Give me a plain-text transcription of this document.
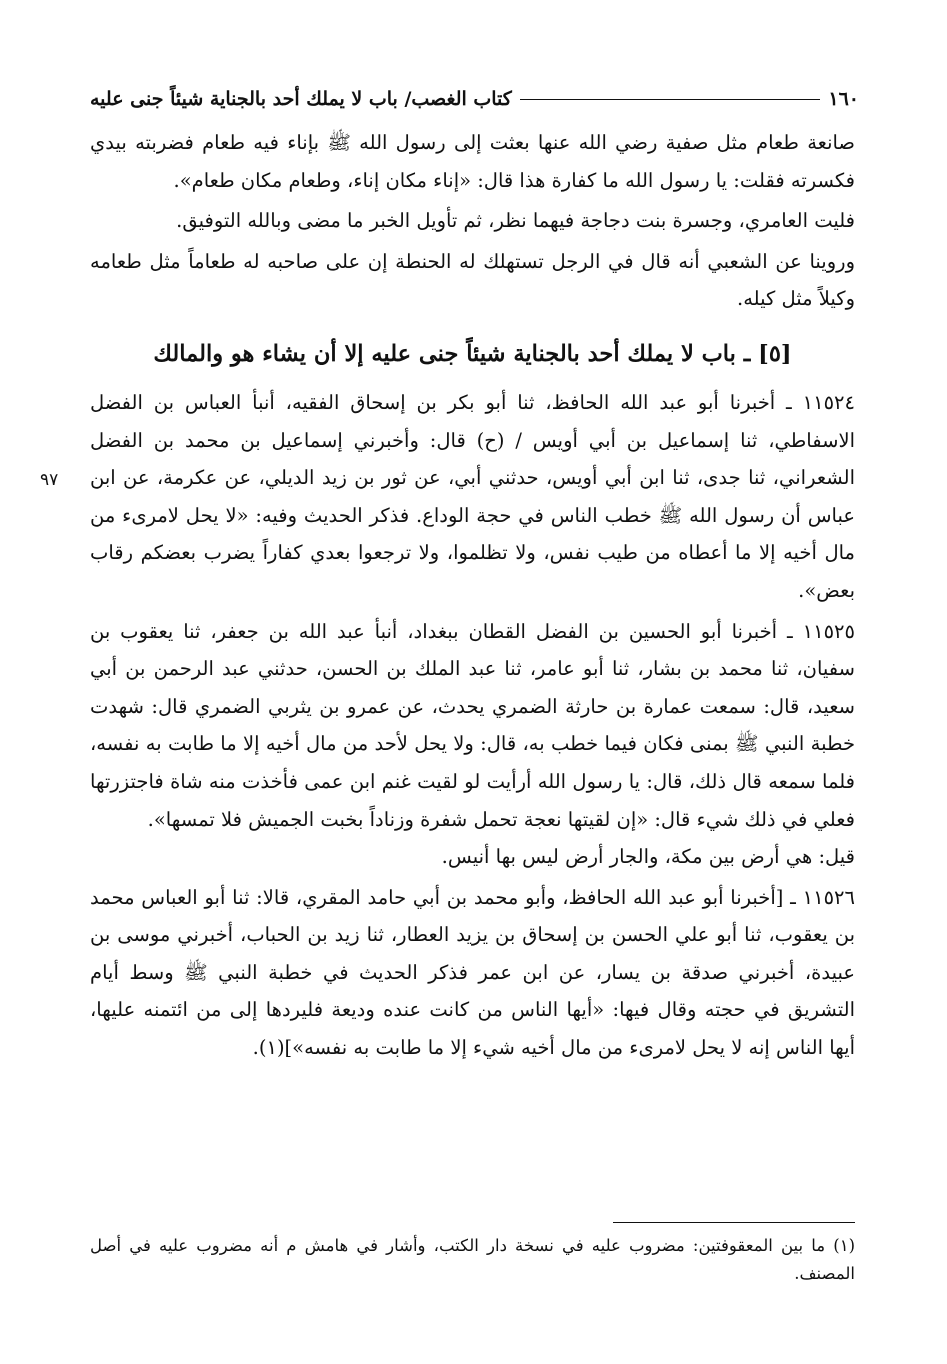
١٦٠
كتاب الغصب/ باب لا يملك أحد بالجناية شيئاً جنى عليه

صانعة طعام مثل صفية رضي الله عنها بعثت إلى رسول الله ﷺ بإناء فيه طعام فضربته بيدي فكسرته فقلت: يا رسول الله ما كفارة هذا قال: «إناء مكان إناء، وطعام مكان طعام».

فليت العامري، وجسرة بنت دجاجة فيهما نظر، ثم تأويل الخبر ما مضى وبالله التوفيق.

وروينا عن الشعبي أنه قال في الرجل تستهلك له الحنطة إن على صاحبه له طعاماً مثل طعامه وكيلاً مثل كيله.

[٥] ـ باب لا يملك أحد بالجناية شيئاً جنى عليه إلا أن يشاء هو والمالك

١١٥٢٤ ـ أخبرنا أبو عبد الله الحافظ، ثنا أبو بكر بن إسحاق الفقيه، أنبأ العباس بن الفضل الاسفاطي، ثنا إسماعيل بن أبي أويس / (ح) قال: وأخبرني إسماعيل بن محمد بن الفضل الشعراني، ثنا جدى، ثنا ابن أبي أويس، حدثني أبي، عن ثور بن زيد الديلي، عن عكرمة، عن ابن عباس أن رسول الله ﷺ خطب الناس في حجة الوداع. فذكر الحديث وفيه: «لا يحل لامرىء من مال أخيه إلا ما أعطاه من طيب نفس، ولا تظلموا، ولا ترجعوا بعدي كفاراً يضرب بعضكم رقاب بعض».

١١٥٢٥ ـ أخبرنا أبو الحسين بن الفضل القطان ببغداد، أنبأ عبد الله بن جعفر، ثنا يعقوب بن سفيان، ثنا محمد بن بشار، ثنا أبو عامر، ثنا عبد الملك بن الحسن، حدثني عبد الرحمن بن أبي سعيد، قال: سمعت عمارة بن حارثة الضمري يحدث، عن عمرو بن يثربي الضمري قال: شهدت خطبة النبي ﷺ بمنى فكان فيما خطب به، قال: ولا يحل لأحد من مال أخيه إلا ما طابت به نفسه، فلما سمعه قال ذلك، قال: يا رسول الله أرأيت لو لقيت غنم ابن عمى فأخذت منه شاة فاجتزرتها فعلي في ذلك شيء قال: «إن لقيتها نعجة تحمل شفرة وزناداً بخبت الجميش فلا تمسها».

قيل: هي أرض بين مكة، والجار أرض ليس بها أنيس.

١١٥٢٦ ـ [أخبرنا أبو عبد الله الحافظ، وأبو محمد بن أبي حامد المقري، قالا: ثنا أبو العباس محمد بن يعقوب، ثنا أبو علي الحسن بن إسحاق بن يزيد العطار، ثنا زيد بن الحباب، أخبرني موسى بن عبيدة، أخبرني صدقة بن يسار، عن ابن عمر فذكر الحديث في خطبة النبي ﷺ وسط أيام التشريق في حجته وقال فيها: «أيها الناس من كانت عنده وديعة فليردها إلى من ائتمنه عليها، أيها الناس إنه لا يحل لامرىء من مال أخيه شيء إلا ما طابت به نفسه»](١).

٩٧
(١) ما بين المعقوفتين: مضروب عليه في نسخة دار الكتب، وأشار في هامش م أنه مضروب عليه في أصل المصنف.
